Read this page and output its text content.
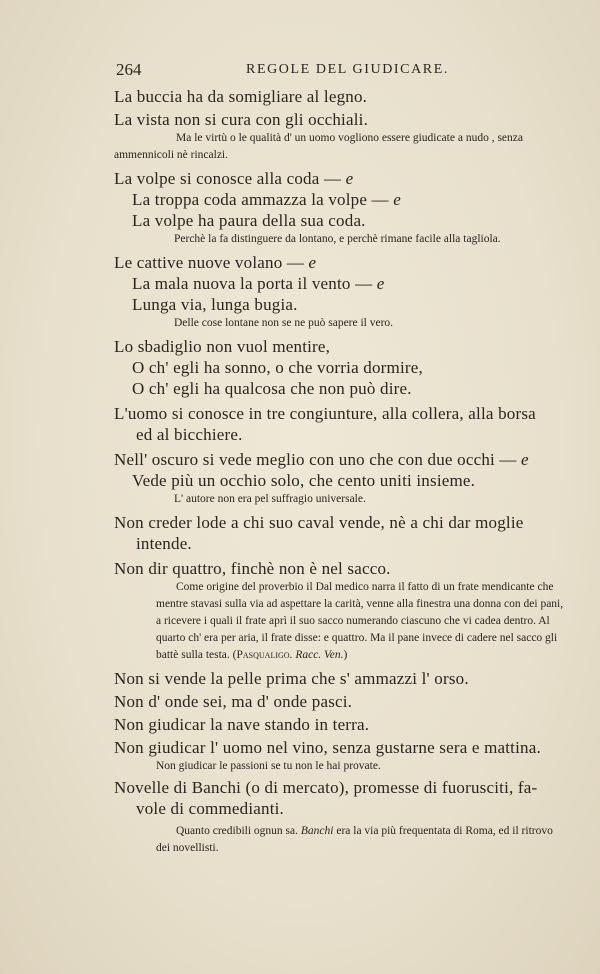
264	REGOLE DEL GIUDICARE.
La buccia ha da somigliare al legno.
La vista non si cura con gli occhiali.
Ma le virtù o le qualità d' un uomo vogliono essere giudicate a nudo , senza ammennicoli nè rincalzi.
La volpe si conosce alla coda — e
La troppa coda ammazza la volpe — e
La volpe ha paura della sua coda.
Perchè la fa distinguere da lontano, e perchè rimane facile alla tagliola.
Le cattive nuove volano — e
La mala nuova la porta il vento — e
Lunga via, lunga bugia.
Delle cose lontane non se ne può sapere il vero.
Lo sbadiglio non vuol mentire,
O ch' egli ha sonno, o che vorria dormire,
O ch' egli ha qualcosa che non può dire.
L'uomo si conosce in tre congiunture, alla collera, alla borsa
ed al bicchiere.
Nell' oscuro si vede meglio con uno che con due occhi — e
Vede più un occhio solo, che cento uniti insieme.
L' autore non era pel suffragio universale.
Non creder lode a chi suo caval vende, nè a chi dar moglie
intende.
Non dir quattro, finchè non è nel sacco.
Come origine del proverbio il Dal medico narra il fatto di un frate mendicante che mentre stavasi sulla via ad aspettare la carità, venne alla finestra una donna con dei pani, a ricevere i quali il frate aprì il suo sacco numerando ciascuno che vi cadea dentro. Al quarto ch' era per aria, il frate disse: e quattro. Ma il pane invece di cadere nel sacco gli battè sulla testa. (Pasqualigo. Racc. Ven.)
Non si vende la pelle prima che s' ammazzi l' orso.
Non d' onde sei, ma d' onde pasci.
Non giudicar la nave stando in terra.
Non giudicar l' uomo nel vino, senza gustarne sera e mattina.
Non giudicar le passioni se tu non le hai provate.
Novelle di Banchi (o di mercato), promesse di fuorusciti, fa-
vole di commedianti.
Quanto credibili ognun sa. Banchi era la via più frequentata di Roma, ed il ritrovo dei novellisti.
